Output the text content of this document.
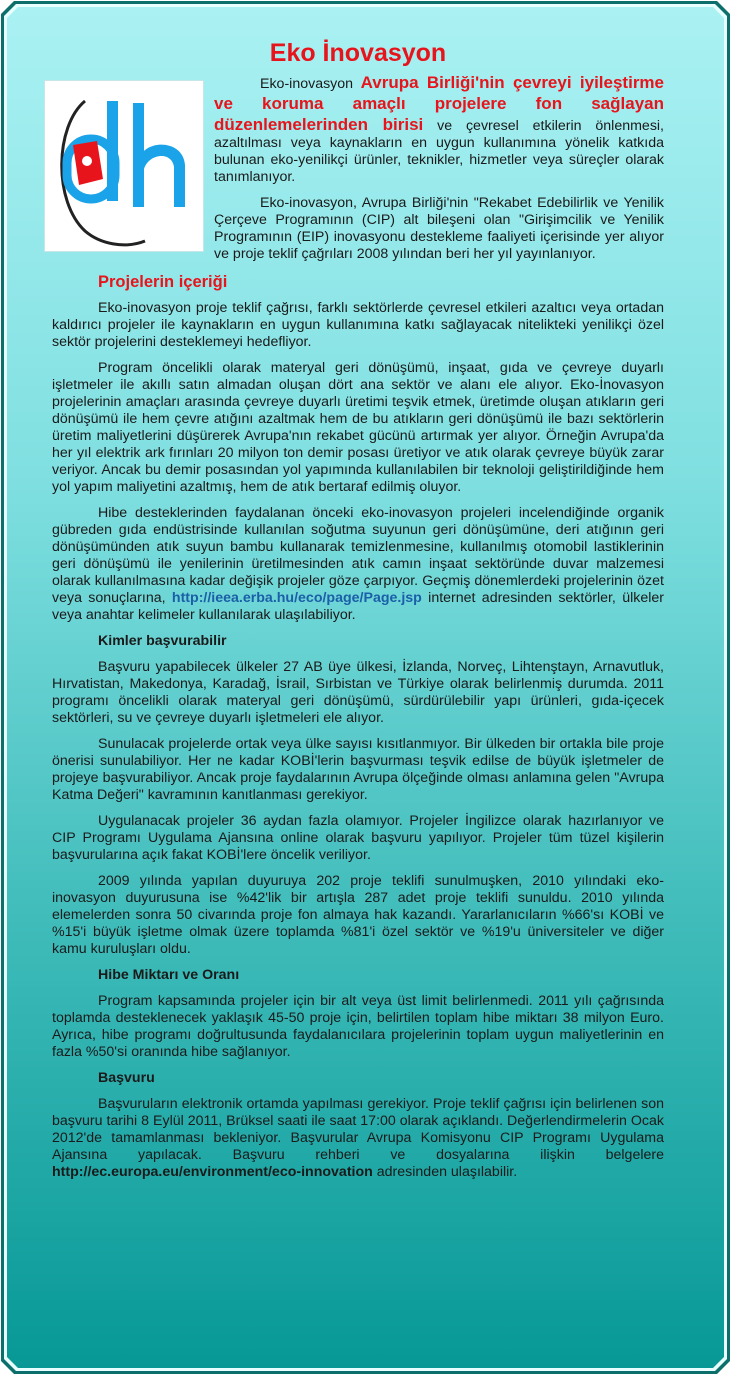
Eko İnovasyon

Eko-inovasyon Avrupa Birliği'nin çevreyi iyileştirme ve koruma amaçlı projelere fon sağlayan düzenlemelerinden birisi ve çevresel etkilerin önlenmesi, azaltılması veya kaynakların en uygun kullanımına yönelik katkıda bulunan eko-yenilikçi ürünler, teknikler, hizmetler veya süreçler olarak tanımlanıyor.

Eko-inovasyon, Avrupa Birliği'nin "Rekabet Edebilirlik ve Yenilik Çerçeve Programının (CIP) alt bileşeni olan "Girişimcilik ve Yenilik Programının (EIP) inovasyonu destekleme faaliyeti içerisinde yer alıyor ve proje teklif çağrıları 2008 yılından beri her yıl yayınlanıyor.

Projelerin içeriği

Eko-inovasyon proje teklif çağrısı, farklı sektörlerde çevresel etkileri azaltıcı veya ortadan kaldırıcı projeler ile kaynakların en uygun kullanımına katkı sağlayacak nitelikteki yenilikçi özel sektör projelerini desteklemeyi hedefliyor.

Program öncelikli olarak materyal geri dönüşümü, inşaat, gıda ve çevreye duyarlı işletmeler ile akıllı satın almadan oluşan dört ana sektör ve alanı ele alıyor. Eko-İnovasyon projelerinin amaçları arasında çevreye duyarlı üretimi teşvik etmek, üretimde oluşan atıkların geri dönüşümü ile hem çevre atığını azaltmak hem de bu atıkların geri dönüşümü ile bazı sektörlerin üretim maliyetlerini düşürerek Avrupa'nın rekabet gücünü artırmak yer alıyor. Örneğin Avrupa'da her yıl elektrik ark fırınları 20 milyon ton demir posası üretiyor ve atık olarak çevreye büyük zarar veriyor. Ancak bu demir posasından yol yapımında kullanılabilen bir teknoloji geliştirildiğinde hem yol yapım maliyetini azaltmış, hem de atık bertaraf edilmiş oluyor.

Hibe desteklerinden faydalanan önceki eko-inovasyon projeleri incelendiğinde organik gübreden gıda endüstrisinde kullanılan soğutma suyunun geri dönüşümüne, deri atığının geri dönüşümünden atık suyun bambu kullanarak temizlenmesine, kullanılmış otomobil lastiklerinin geri dönüşümü ile yenilerinin üretilmesinden atık camın inşaat sektöründe duvar malzemesi olarak kullanılmasına kadar değişik projeler göze çarpıyor. Geçmiş dönemlerdeki projelerinin özet veya sonuçlarına, http://ieea.erba.hu/eco/page/Page.jsp internet adresinden sektörler, ülkeler veya anahtar kelimeler kullanılarak ulaşılabiliyor.

Kimler başvurabilir

Başvuru yapabilecek ülkeler 27 AB üye ülkesi, İzlanda, Norveç, Lihtenştayn, Arnavutluk, Hırvatistan, Makedonya, Karadağ, İsrail, Sırbistan ve Türkiye olarak belirlenmiş durumda. 2011 programı öncelikli olarak materyal geri dönüşümü, sürdürülebilir yapı ürünleri, gıda-içecek sektörleri, su ve çevreye duyarlı işletmeleri ele alıyor.

Sunulacak projelerde ortak veya ülke sayısı kısıtlanmıyor. Bir ülkeden bir ortakla bile proje önerisi sunulabiliyor. Her ne kadar KOBİ'lerin başvurması teşvik edilse de büyük işletmeler de projeye başvurabiliyor. Ancak proje faydalarının Avrupa ölçeğinde olması anlamına gelen "Avrupa Katma Değeri" kavramının kanıtlanması gerekiyor.

Uygulanacak projeler 36 aydan fazla olamıyor. Projeler İngilizce olarak hazırlanıyor ve CIP Programı Uygulama Ajansına online olarak başvuru yapılıyor. Projeler tüm tüzel kişilerin başvurularına açık fakat KOBİ'lere öncelik veriliyor.

2009 yılında yapılan duyuruya 202 proje teklifi sunulmuşken, 2010 yılındaki eko-inovasyon duyurusuna ise %42'lik bir artışla 287 adet proje teklifi sunuldu. 2010 yılında elemelerden sonra 50 civarında proje fon almaya hak kazandı. Yararlanıcıların %66'sı KOBİ ve %15'i büyük işletme olmak üzere toplamda %81'i özel sektör ve %19'u üniversiteler ve diğer kamu kuruluşları oldu.

Hibe Miktarı ve Oranı

Program kapsamında projeler için bir alt veya üst limit belirlenmedi. 2011 yılı çağrısında toplamda desteklenecek yaklaşık 45-50 proje için, belirtilen toplam hibe miktarı 38 milyon Euro. Ayrıca, hibe programı doğrultusunda faydalanıcılara projelerinin toplam uygun maliyetlerinin en fazla %50'si oranında hibe sağlanıyor.

Başvuru

Başvuruların elektronik ortamda yapılması gerekiyor. Proje teklif çağrısı için belirlenen son başvuru tarihi 8 Eylül 2011, Brüksel saati ile saat 17:00 olarak açıklandı. Değerlendirmelerin Ocak 2012'de tamamlanması bekleniyor. Başvurular Avrupa Komisyonu CIP Programı Uygulama Ajansına yapılacak. Başvuru rehberi ve dosyalarına ilişkin belgelere http://ec.europa.eu/environment/eco-innovation adresinden ulaşılabilir.
